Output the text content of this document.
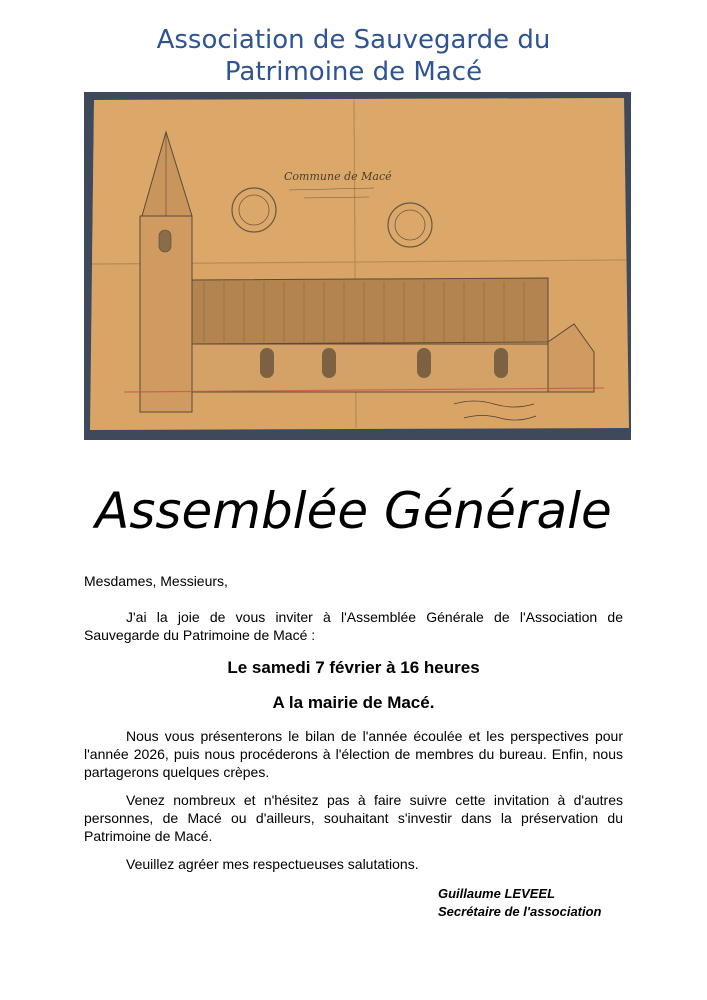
Association de Sauvegarde du
Patrimoine de Macé
Commune de Macé
Assemblée Générale
Mesdames, Messieurs,
J'ai la joie de vous inviter à l'Assemblée Générale de l'Association de Sauvegarde du Patrimoine de Macé :
Le samedi 7 février à 16 heures
A la mairie de Macé.
Nous vous présenterons le bilan de l'année écoulée et les perspectives pour l'année 2026, puis nous procéderons à l'élection de membres du bureau. Enfin, nous partagerons quelques crèpes.
Venez nombreux et n'hésitez pas à faire suivre cette invitation à d'autres personnes, de Macé ou d'ailleurs, souhaitant s'investir dans la préservation du Patrimoine de Macé.
Veuillez agréer mes respectueuses salutations.
Guillaume LEVEEL
Secrétaire de l'association
